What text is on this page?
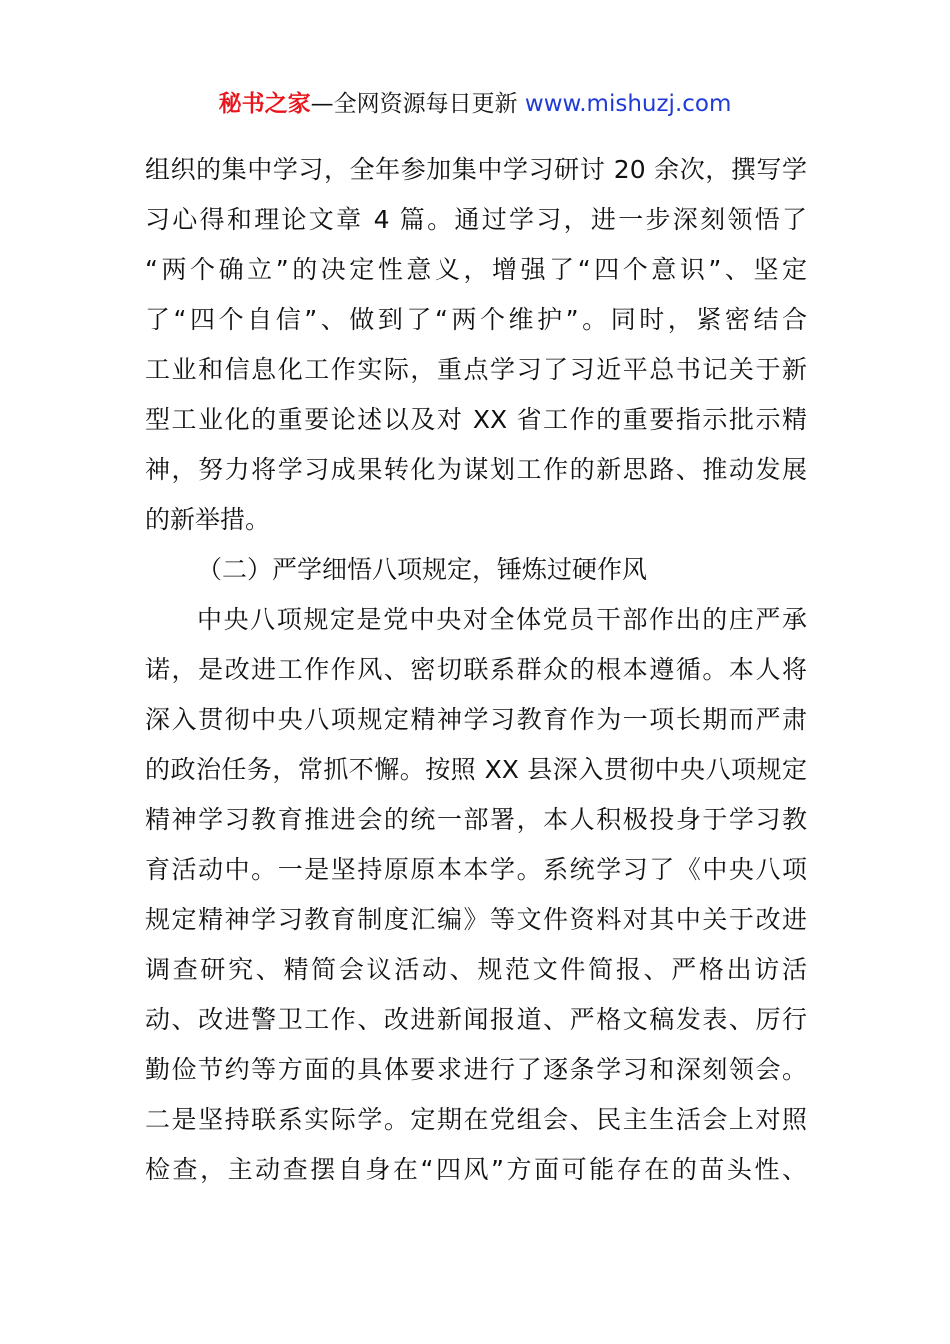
秘书之家—全网资源每日更新 www.mishuzj.com
组织的集中学习，全年参加集中学习研讨 20 余次，撰写学
习心得和理论文章 4 篇。通过学习，进一步深刻领悟了
“两个确立”的决定性意义，增强了“四个意识”、坚定
了“四个自信”、做到了“两个维护”。同时，紧密结合
工业和信息化工作实际，重点学习了习近平总书记关于新
型工业化的重要论述以及对 XX 省工作的重要指示批示精
神，努力将学习成果转化为谋划工作的新思路、推动发展
的新举措。
（二）严学细悟八项规定，锤炼过硬作风
中央八项规定是党中央对全体党员干部作出的庄严承
诺，是改进工作作风、密切联系群众的根本遵循。本人将
深入贯彻中央八项规定精神学习教育作为一项长期而严肃
的政治任务，常抓不懈。按照 XX 县深入贯彻中央八项规定
精神学习教育推进会的统一部署，本人积极投身于学习教
育活动中。一是坚持原原本本学。系统学习了《中央八项
规定精神学习教育制度汇编》等文件资料对其中关于改进
调查研究、精简会议活动、规范文件简报、严格出访活
动、改进警卫工作、改进新闻报道、严格文稿发表、厉行
勤俭节约等方面的具体要求进行了逐条学习和深刻领会。
二是坚持联系实际学。定期在党组会、民主生活会上对照
检查，主动查摆自身在“四风”方面可能存在的苗头性、
